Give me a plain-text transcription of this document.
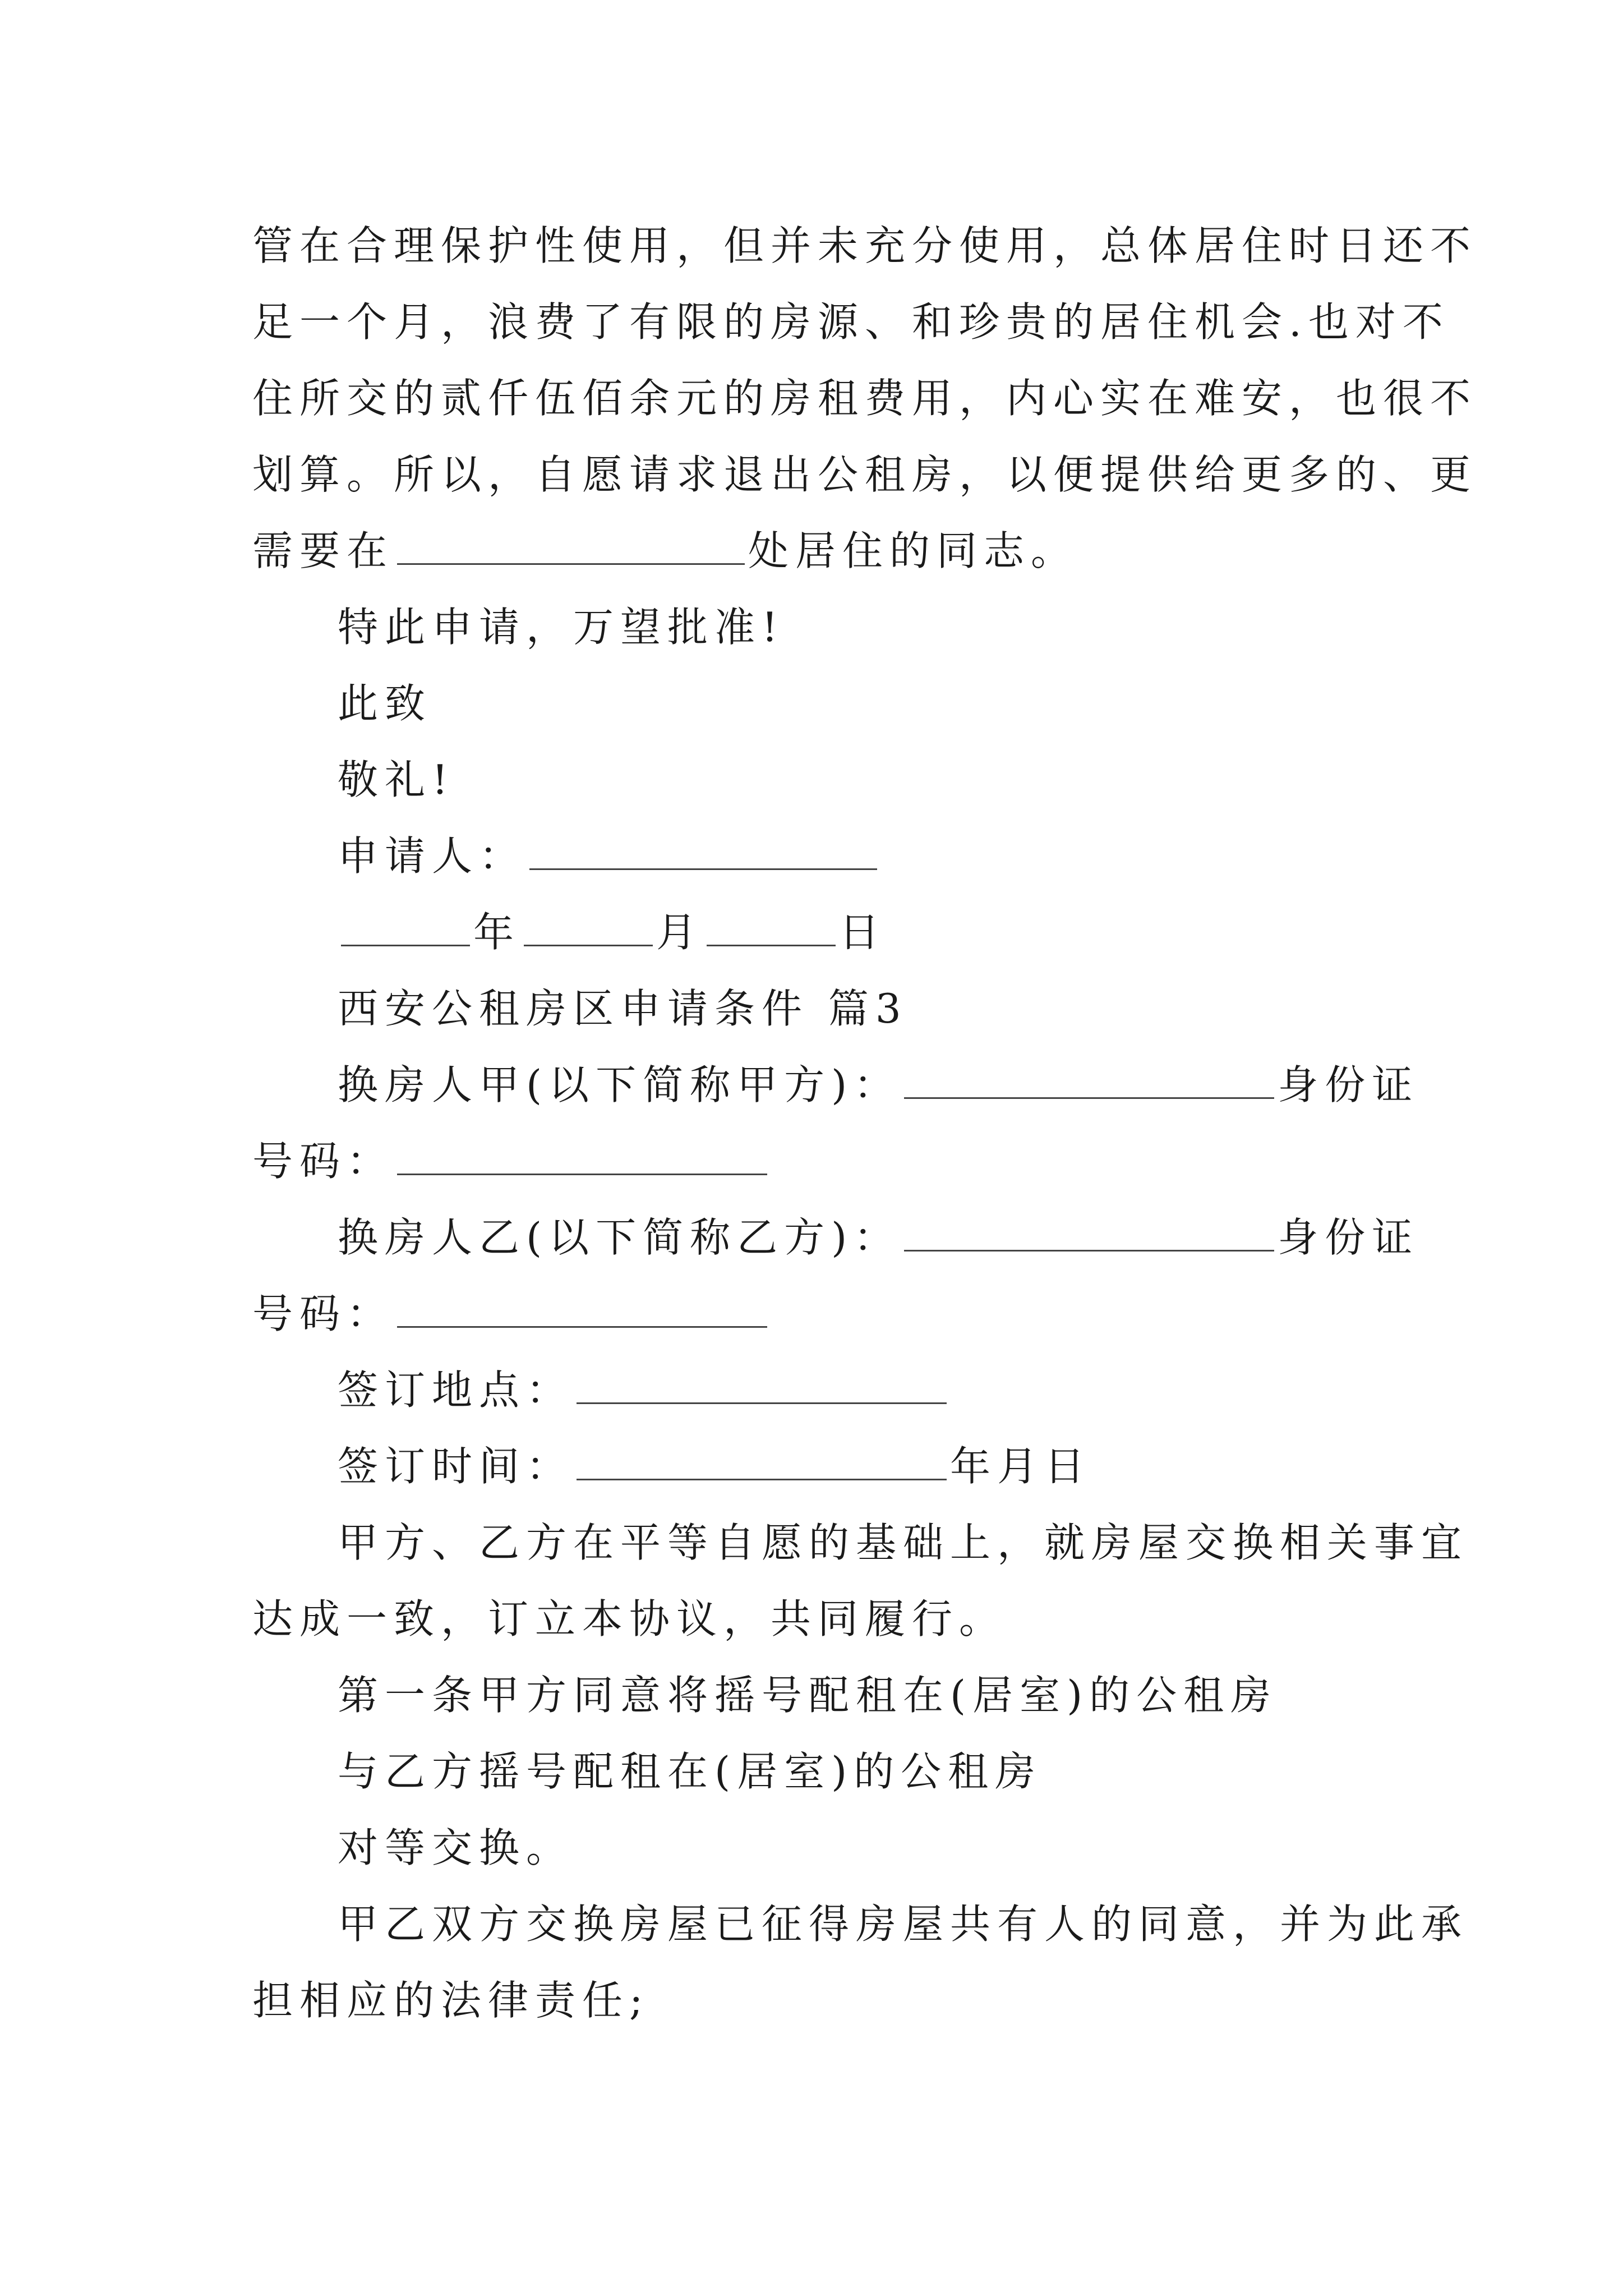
管在合理保护性使用，但并未充分使用，总体居住时日还不
足一个月，浪费了有限的房源、和珍贵的居住机会.也对不
住所交的贰仟伍佰余元的房租费用，内心实在难安，也很不
划算。所以，自愿请求退出公租房，以便提供给更多的、更
需要在	处居住的同志。
特此申请，万望批准!
此致
敬礼!
申请人：
年	月	日
西安公租房区申请条件 篇3
换房人甲(以下简称甲方)：	身份证
号码：
换房人乙(以下简称乙方)：	身份证
号码：
签订地点：
签订时间：	年月日
甲方、乙方在平等自愿的基础上，就房屋交换相关事宜
达成一致，订立本协议，共同履行。
第一条甲方同意将摇号配租在(居室)的公租房
与乙方摇号配租在(居室)的公租房
对等交换。
甲乙双方交换房屋已征得房屋共有人的同意，并为此承
担相应的法律责任;
